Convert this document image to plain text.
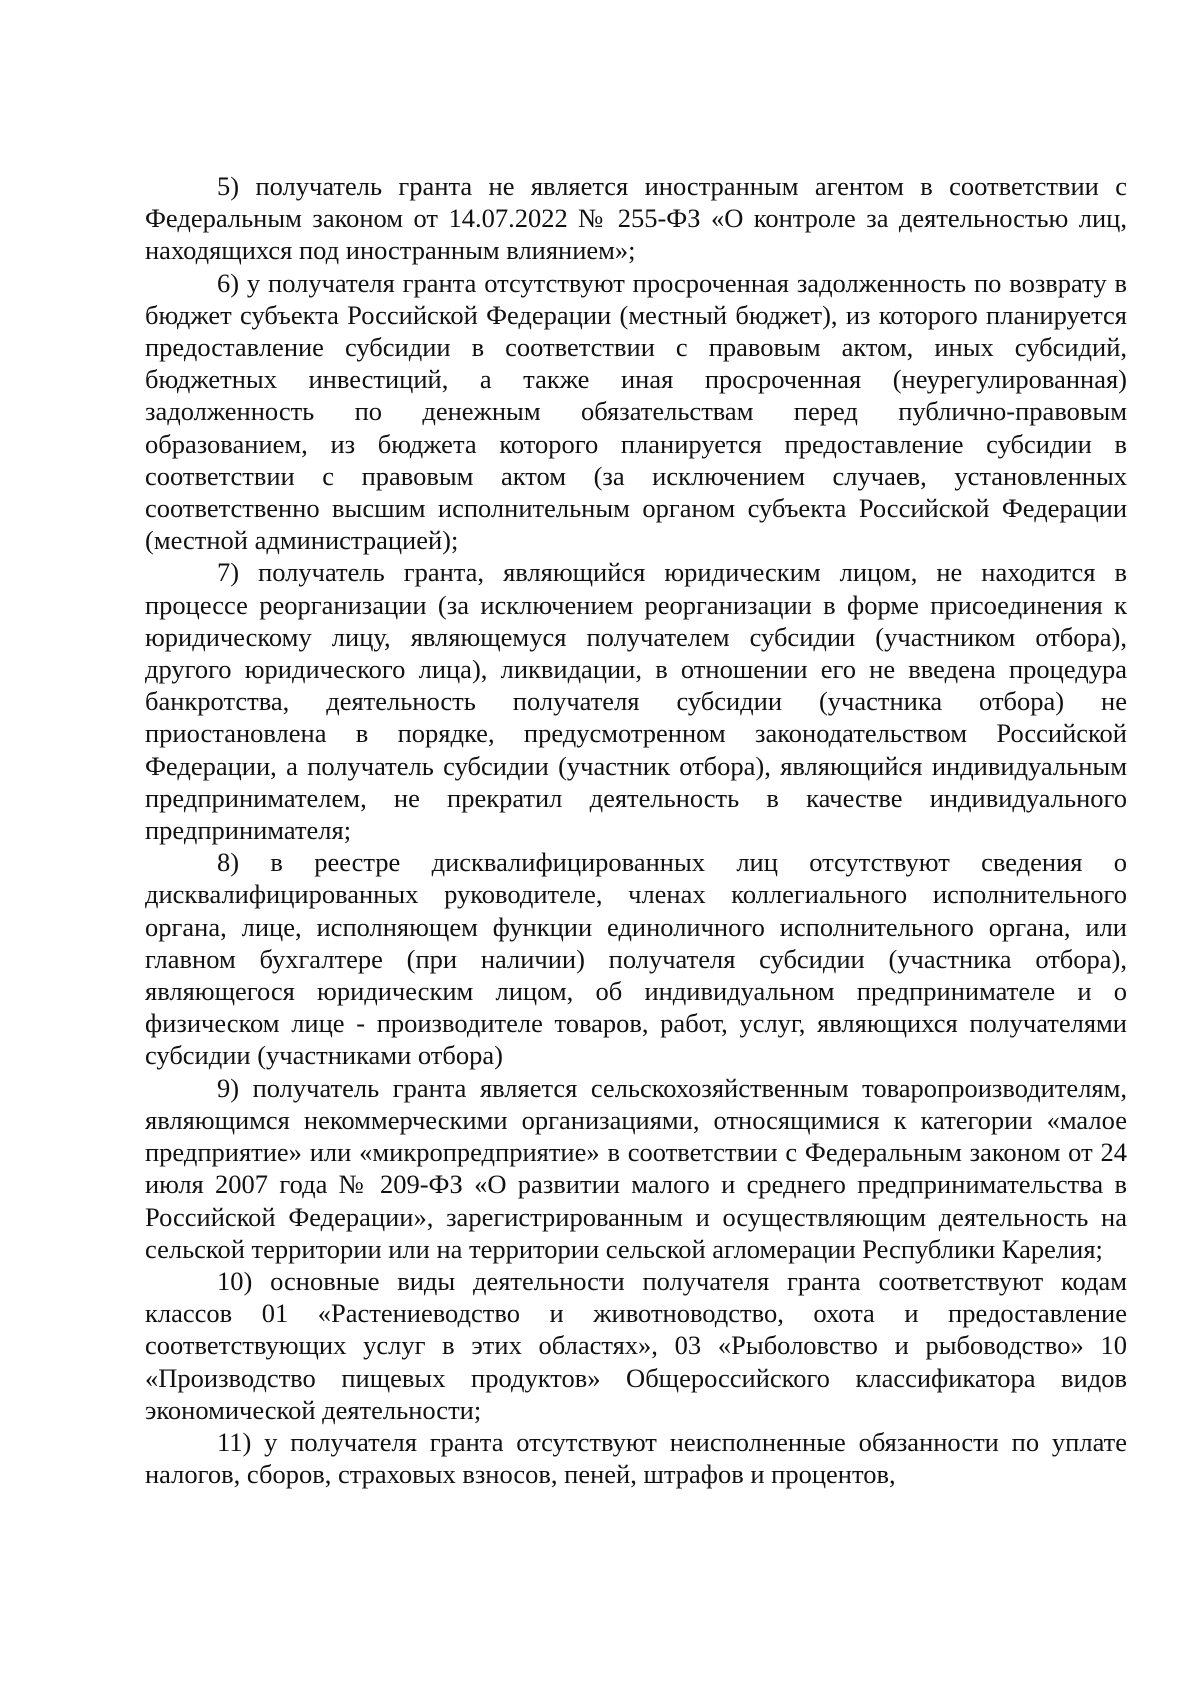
5) получатель гранта не является иностранным агентом в соответствии с Федеральным законом от 14.07.2022 № 255-ФЗ «О контроле за деятельностью лиц, находящихся под иностранным влиянием»;

6) у получателя гранта отсутствуют просроченная задолженность по возврату в бюджет субъекта Российской Федерации (местный бюджет), из которого планируется предоставление субсидии в соответствии с правовым актом, иных субсидий, бюджетных инвестиций, а также иная просроченная (неурегулированная) задолженность по денежным обязательствам перед публично-правовым образованием, из бюджета которого планируется предоставление субсидии в соответствии с правовым актом (за исключением случаев, установленных соответственно высшим исполнительным органом субъекта Российской Федерации (местной администрацией);

7) получатель гранта, являющийся юридическим лицом, не находится в процессе реорганизации (за исключением реорганизации в форме присоединения к юридическому лицу, являющемуся получателем субсидии (участником отбора), другого юридического лица), ликвидации, в отношении его не введена процедура банкротства, деятельность получателя субсидии (участника отбора) не приостановлена в порядке, предусмотренном законодательством Российской Федерации, а получатель субсидии (участник отбора), являющийся индивидуальным предпринимателем, не прекратил деятельность в качестве индивидуального предпринимателя;

8) в реестре дисквалифицированных лиц отсутствуют сведения о дисквалифицированных руководителе, членах коллегиального исполнительного органа, лице, исполняющем функции единоличного исполнительного органа, или главном бухгалтере (при наличии) получателя субсидии (участника отбора), являющегося юридическим лицом, об индивидуальном предпринимателе и о физическом лице - производителе товаров, работ, услуг, являющихся получателями субсидии (участниками отбора)

9) получатель гранта является сельскохозяйственным товаропроизводителям, являющимся некоммерческими организациями, относящимися к категории «малое предприятие» или «микропредприятие» в соответствии с Федеральным законом от 24 июля 2007 года № 209-ФЗ «О развитии малого и среднего предпринимательства в Российской Федерации», зарегистрированным и осуществляющим деятельность на сельской территории или на территории сельской агломерации Республики Карелия;

10) основные виды деятельности получателя гранта соответствуют кодам классов 01 «Растениеводство и животноводство, охота и предоставление соответствующих услуг в этих областях», 03 «Рыболовство и рыбоводство» 10 «Производство пищевых продуктов» Общероссийского классификатора видов экономической деятельности;

11) у получателя гранта отсутствуют неисполненные обязанности по уплате налогов, сборов, страховых взносов, пеней, штрафов и процентов,
